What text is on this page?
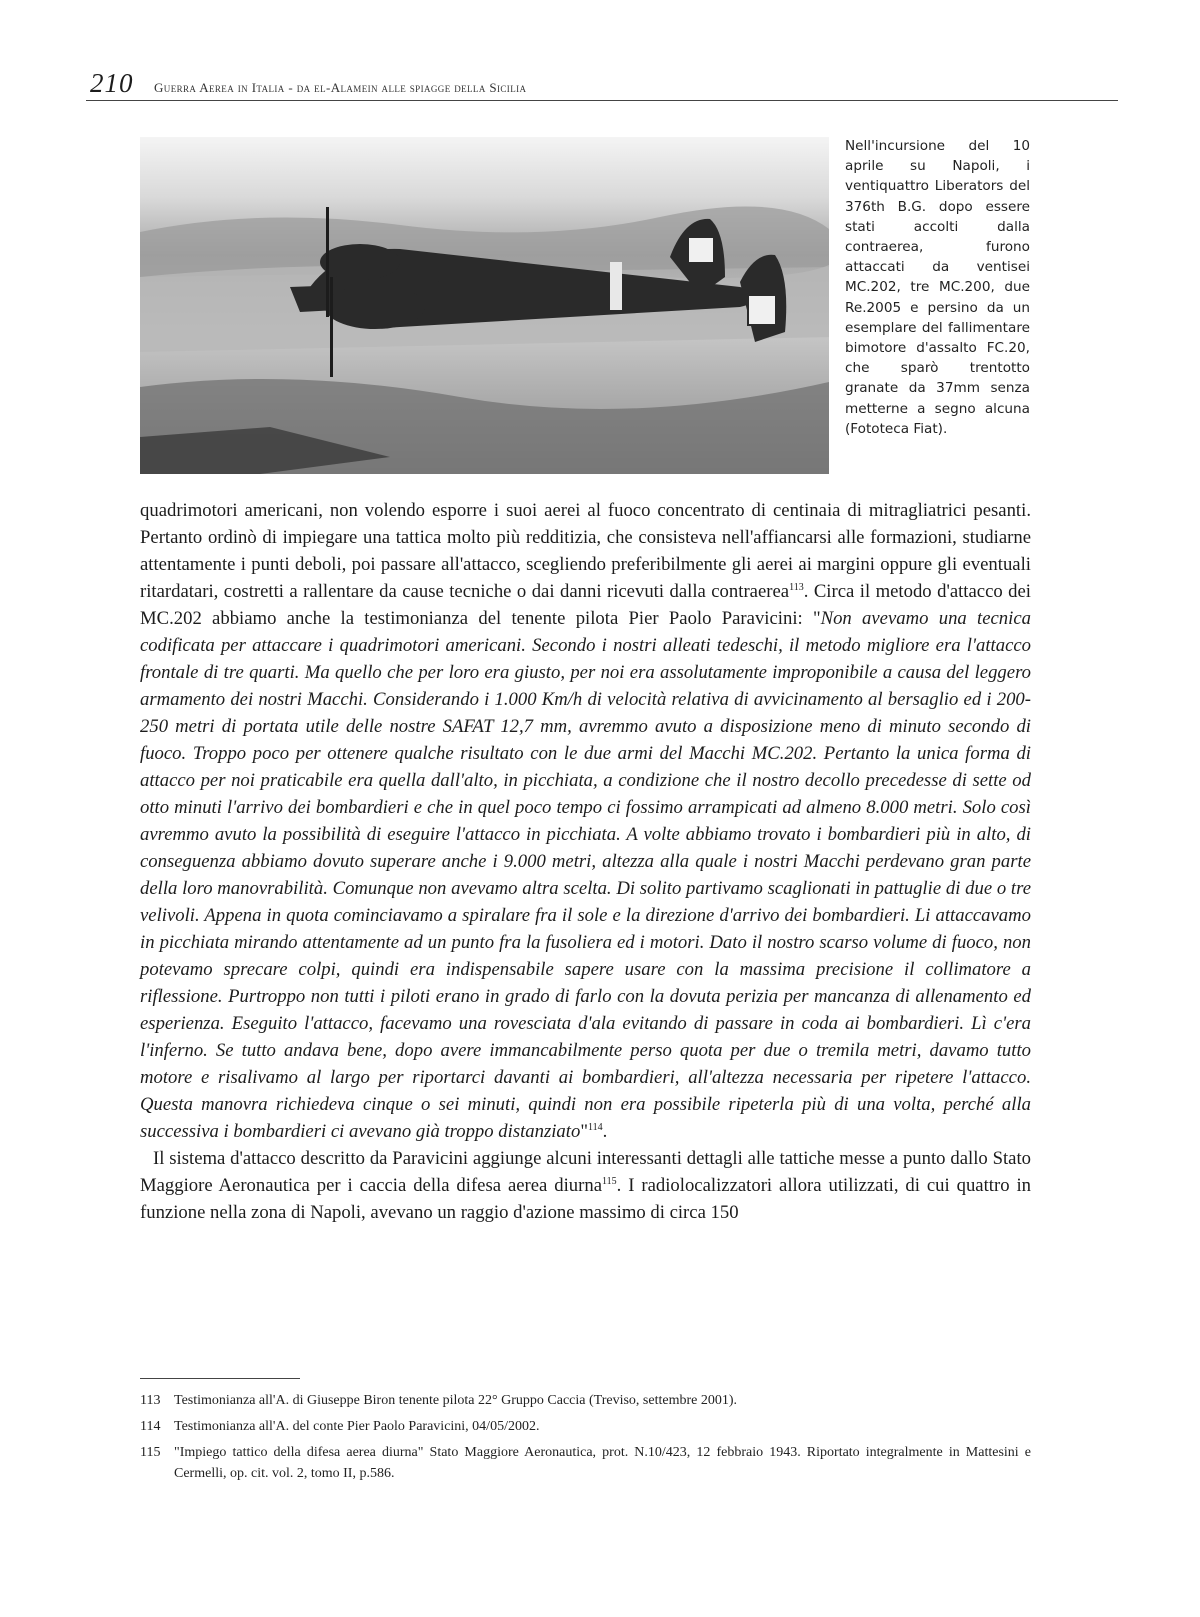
210 Guerra Aerea in Italia - da el-Alamein alle spiagge della Sicilia
Nell'incursione del 10 aprile su Napoli, i ventiquattro Liberators del 376th B.G. dopo essere stati accolti dalla contraerea, furono attaccati da ventisei MC.202, tre MC.200, due Re.2005 e persino da un esemplare del fallimentare bimotore d'assalto FC.20, che sparò trentotto granate da 37mm senza metterne a segno alcuna (Fototeca Fiat).

quadrimotori americani, non volendo esporre i suoi aerei al fuoco concentrato di centinaia di mitragliatrici pesanti. Pertanto ordinò di impiegare una tattica molto più redditizia, che consisteva nell'affiancarsi alle formazioni, studiarne attentamente i punti deboli, poi passare all'attacco, scegliendo preferibilmente gli aerei ai margini oppure gli eventuali ritardatari, costretti a rallentare da cause tecniche o dai danni ricevuti dalla contraerea$^{113}$. Circa il metodo d'attacco dei MC.202 abbiamo anche la testimonianza del tenente pilota Pier Paolo Paravicini: "Non avevamo una tecnica codificata per attaccare i quadrimotori americani. Secondo i nostri alleati tedeschi, il metodo migliore era l'attacco frontale di tre quarti. Ma quello che per loro era giusto, per noi era assolutamente improponibile a causa del leggero armamento dei nostri Macchi. Considerando i 1.000 Km/h di velocità relativa di avvicinamento al bersaglio ed i 200-250 metri di portata utile delle nostre SAFAT 12,7 mm, avremmo avuto a disposizione meno di minuto secondo di fuoco. Troppo poco per ottenere qualche risultato con le due armi del Macchi MC.202. Pertanto la unica forma di attacco per noi praticabile era quella dall'alto, in picchiata, a condizione che il nostro decollo precedesse di sette od otto minuti l'arrivo dei bombardieri e che in quel poco tempo ci fossimo arrampicati ad almeno 8.000 metri. Solo così avremmo avuto la possibilità di eseguire l'attacco in picchiata. A volte abbiamo trovato i bombardieri più in alto, di conseguenza abbiamo dovuto superare anche i 9.000 metri, altezza alla quale i nostri Macchi perdevano gran parte della loro manovrabilità. Comunque non avevamo altra scelta. Di solito partivamo scaglionati in pattuglie di due o tre velivoli. Appena in quota cominciavamo a spiralare fra il sole e la direzione d'arrivo dei bombardieri. Li attaccavamo in picchiata mirando attentamente ad un punto fra la fusoliera ed i motori. Dato il nostro scarso volume di fuoco, non potevamo sprecare colpi, quindi era indispensabile sapere usare con la massima precisione il collimatore a riflessione. Purtroppo non tutti i piloti erano in grado di farlo con la dovuta perizia per mancanza di allenamento ed esperienza. Eseguito l'attacco, facevamo una rovesciata d'ala evitando di passare in coda ai bombardieri. Lì c'era l'inferno. Se tutto andava bene, dopo avere immancabilmente perso quota per due o tremila metri, davamo tutto motore e risalivamo al largo per riportarci davanti ai bombardieri, all'altezza necessaria per ripetere l'attacco. Questa manovra richiedeva cinque o sei minuti, quindi non era possibile ripeterla più di una volta, perché alla successiva i bombardieri ci avevano già troppo distanziato"$^{114}$.

Il sistema d'attacco descritto da Paravicini aggiunge alcuni interessanti dettagli alle tattiche messe a punto dallo Stato Maggiore Aeronautica per i caccia della difesa aerea diurna$^{115}$. I radiolocalizzatori allora utilizzati, di cui quattro in funzione nella zona di Napoli, avevano un raggio d'azione massimo di circa 150

113 Testimonianza all'A. di Giuseppe Biron tenente pilota 22° Gruppo Caccia (Treviso, settembre 2001).
114 Testimonianza all'A. del conte Pier Paolo Paravicini, 04/05/2002.
115 "Impiego tattico della difesa aerea diurna" Stato Maggiore Aeronautica, prot. N.10/423, 12 febbraio 1943. Riportato integralmente in Mattesini e Cermelli, op. cit. vol. 2, tomo II, p.586.
